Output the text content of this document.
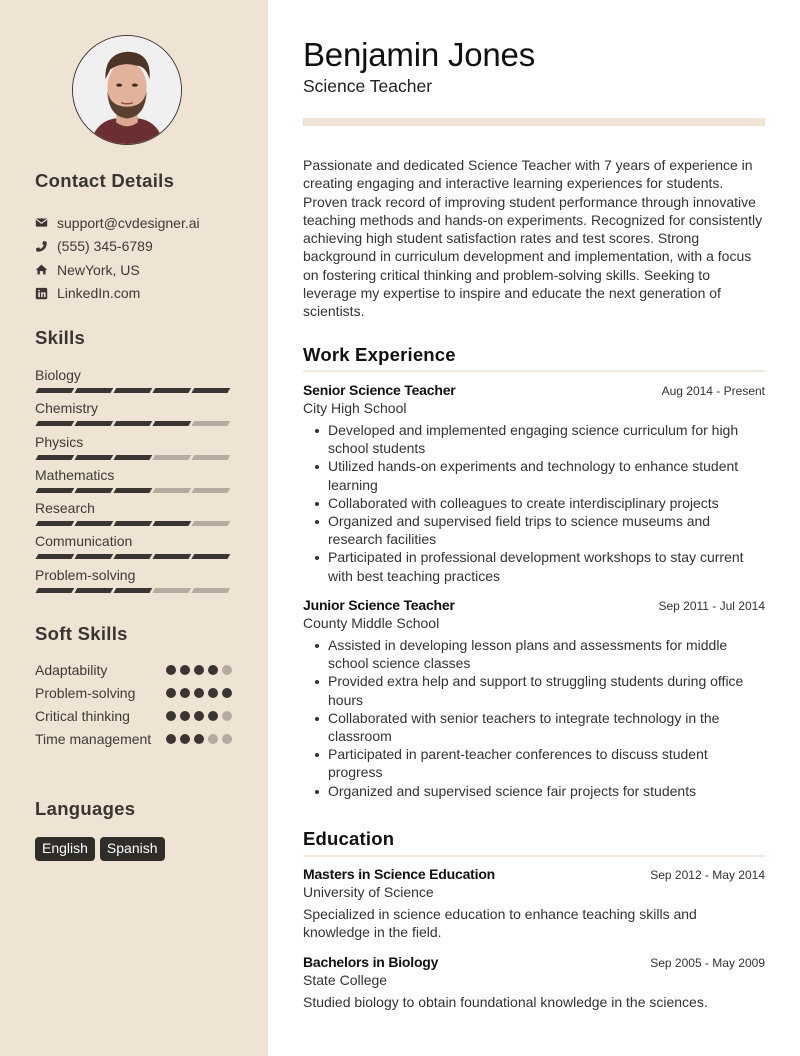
Contact Details
support@cvdesigner.ai
(555) 345-6789
NewYork, US
LinkedIn.com
Skills
Biology
Chemistry
Physics
Mathematics
Research
Communication
Problem-solving
Soft Skills
Adaptability
Problem-solving
Critical thinking
Time management
Languages
English	Spanish
Benjamin Jones
Science Teacher

Passionate and dedicated Science Teacher with 7 years of experience in creating engaging and interactive learning experiences for students. Proven track record of improving student performance through innovative teaching methods and hands-on experiments. Recognized for consistently achieving high student satisfaction rates and test scores. Strong background in curriculum development and implementation, with a focus on fostering critical thinking and problem-solving skills. Seeking to leverage my expertise to inspire and educate the next generation of scientists.

Work Experience
Senior Science Teacher	Aug 2014 - Present
City High School
Developed and implemented engaging science curriculum for high school students
Utilized hands-on experiments and technology to enhance student learning
Collaborated with colleagues to create interdisciplinary projects
Organized and supervised field trips to science museums and research facilities
Participated in professional development workshops to stay current with best teaching practices
Junior Science Teacher	Sep 2011 - Jul 2014
County Middle School
Assisted in developing lesson plans and assessments for middle school science classes
Provided extra help and support to struggling students during office hours
Collaborated with senior teachers to integrate technology in the classroom
Participated in parent-teacher conferences to discuss student progress
Organized and supervised science fair projects for students
Education
Masters in Science Education	Sep 2012 - May 2014
University of Science
Specialized in science education to enhance teaching skills and knowledge in the field.
Bachelors in Biology	Sep 2005 - May 2009
State College
Studied biology to obtain foundational knowledge in the sciences.
